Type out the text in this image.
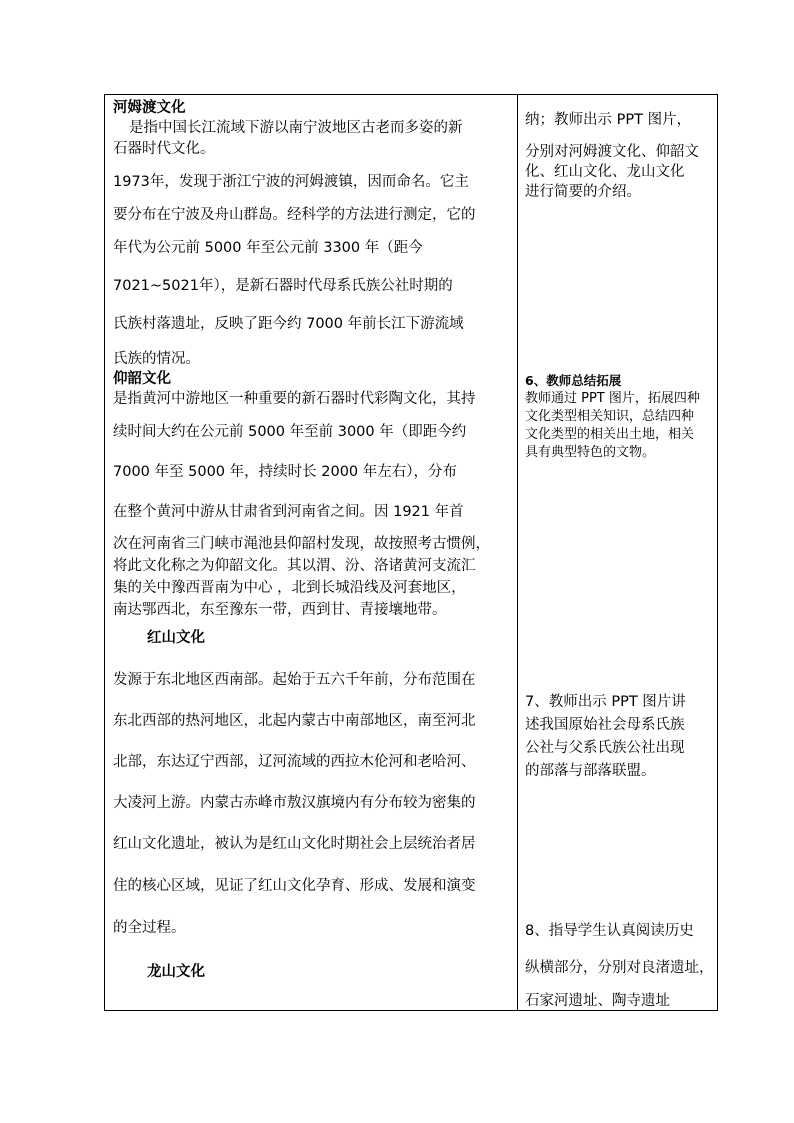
河姆渡文化
是指中国长江流域下游以南宁波地区古老而多姿的新
石器时代文化。
1973年，发现于浙江宁波的河姆渡镇，因而命名。它主
要分布在宁波及舟山群岛。经科学的方法进行测定，它的
年代为公元前 5000 年至公元前 3300 年（距今
7021~5021年），是新石器时代母系氏族公社时期的
氏族村落遗址，反映了距今约 7000 年前长江下游流域
氏族的情况。
仰韶文化
是指黄河中游地区一种重要的新石器时代彩陶文化，其持
续时间大约在公元前 5000 年至前 3000 年（即距今约
7000 年至 5000 年，持续时长 2000 年左右），分布
在整个黄河中游从甘肃省到河南省之间。因 1921 年首
次在河南省三门峡市渑池县仰韶村发现，故按照考古惯例，
将此文化称之为仰韶文化。其以渭、汾、洛诸黄河支流汇
集的关中豫西晋南为中心 ，北到长城沿线及河套地区，
南达鄂西北，东至豫东一带，西到甘、青接壤地带。
红山文化
发源于东北地区西南部。起始于五六千年前，分布范围在
东北西部的热河地区，北起内蒙古中南部地区，南至河北
北部，东达辽宁西部，辽河流域的西拉木伦河和老哈河、
大凌河上游。内蒙古赤峰市敖汉旗境内有分布较为密集的
红山文化遗址，被认为是红山文化时期社会上层统治者居
住的核心区域，见证了红山文化孕育、形成、发展和演变
的全过程。
龙山文化
纳；教师出示 PPT 图片，
分别对河姆渡文化、仰韶文
化、红山文化、龙山文化
进行简要的介绍。
6、教师总结拓展
教师通过 PPT 图片，拓展四种
文化类型相关知识，总结四种
文化类型的相关出土地，相关
具有典型特色的文物。
7、教师出示 PPT 图片讲
述我国原始社会母系氏族
公社与父系氏族公社出现
的部落与部落联盟。
8、指导学生认真阅读历史
纵横部分，分别对良渚遗址，
石家河遗址、陶寺遗址
